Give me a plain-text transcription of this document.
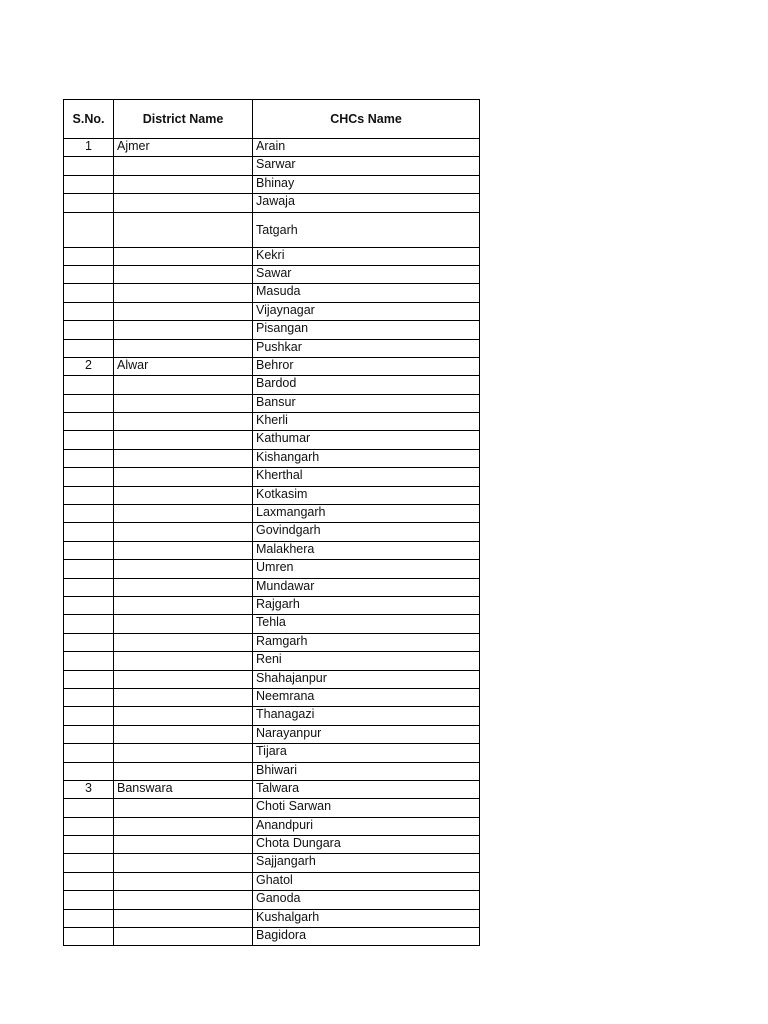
S.No.	District Name	CHCs Name
1	Ajmer	Arain
		Sarwar
		Bhinay
		Jawaja
		Tatgarh
		Kekri
		Sawar
		Masuda
		Vijaynagar
		Pisangan
		Pushkar
2	Alwar	Behror
		Bardod
		Bansur
		Kherli
		Kathumar
		Kishangarh
		Kherthal
		Kotkasim
		Laxmangarh
		Govindgarh
		Malakhera
		Umren
		Mundawar
		Rajgarh
		Tehla
		Ramgarh
		Reni
		Shahajanpur
		Neemrana
		Thanagazi
		Narayanpur
		Tijara
		Bhiwari
3	Banswara	Talwara
		Choti Sarwan
		Anandpuri
		Chota Dungara
		Sajjangarh
		Ghatol
		Ganoda
		Kushalgarh
		Bagidora
